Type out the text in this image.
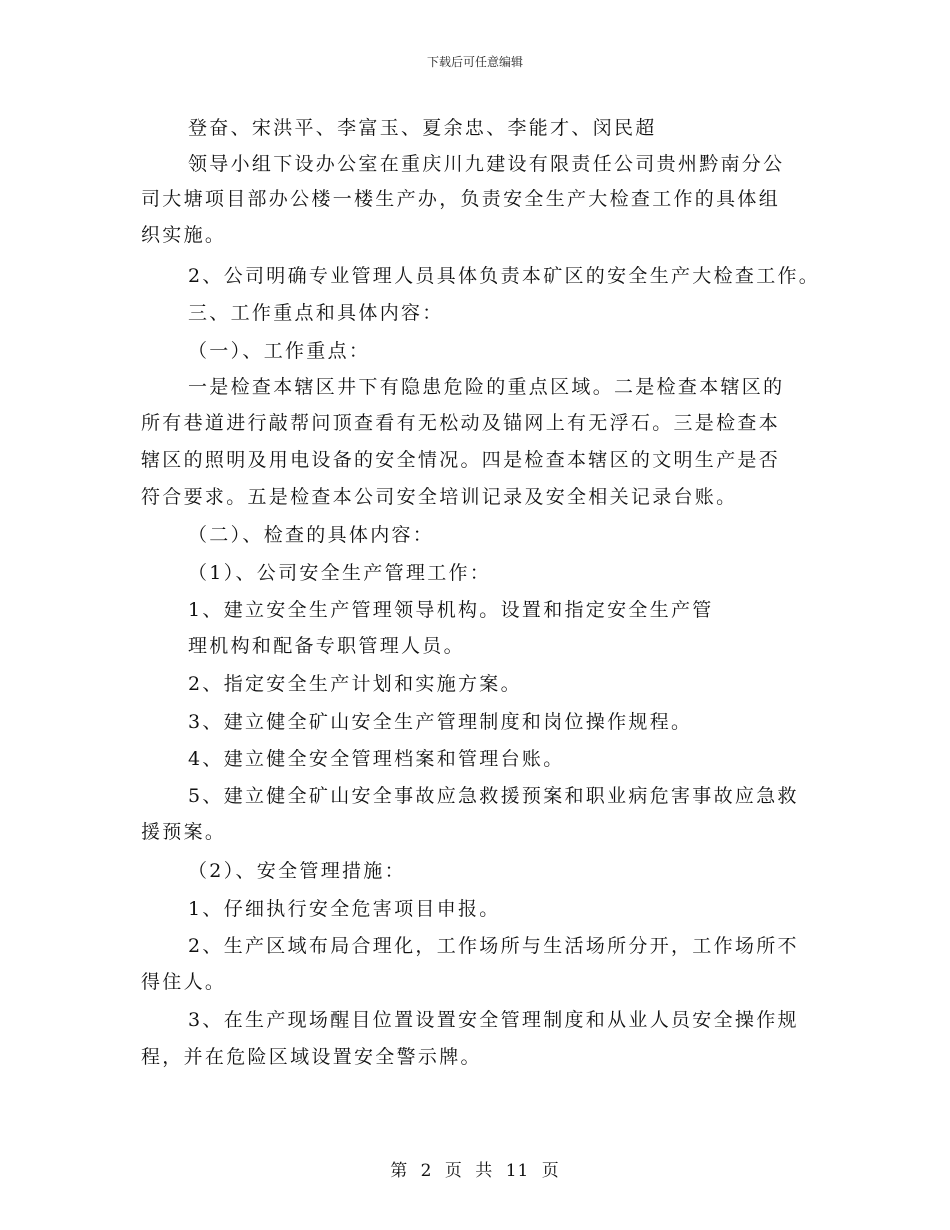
下载后可任意编辑
登奋、宋洪平、李富玉、夏余忠、李能才、闵民超
领导小组下设办公室在重庆川九建设有限责任公司贵州黔南分公
司大塘项目部办公楼一楼生产办，负责安全生产大检查工作的具体组
织实施。
2、公司明确专业管理人员具体负责本矿区的安全生产大检查工作。
三、工作重点和具体内容：
（一）、工作重点：
一是检查本辖区井下有隐患危险的重点区域。二是检查本辖区的
所有巷道进行敲帮问顶查看有无松动及锚网上有无浮石。三是检查本
辖区的照明及用电设备的安全情况。四是检查本辖区的文明生产是否
符合要求。五是检查本公司安全培训记录及安全相关记录台账。
（二）、检查的具体内容：
（1）、公司安全生产管理工作：
1、建立安全生产管理领导机构。设置和指定安全生产管
理机构和配备专职管理人员。
2、指定安全生产计划和实施方案。
3、建立健全矿山安全生产管理制度和岗位操作规程。
4、建立健全安全管理档案和管理台账。
5、建立健全矿山安全事故应急救援预案和职业病危害事故应急救
援预案。
（2）、安全管理措施：
1、仔细执行安全危害项目申报。
2、生产区域布局合理化，工作场所与生活场所分开，工作场所不
得住人。
3、在生产现场醒目位置设置安全管理制度和从业人员安全操作规
程，并在危险区域设置安全警示牌。
第 2 页 共 11 页
